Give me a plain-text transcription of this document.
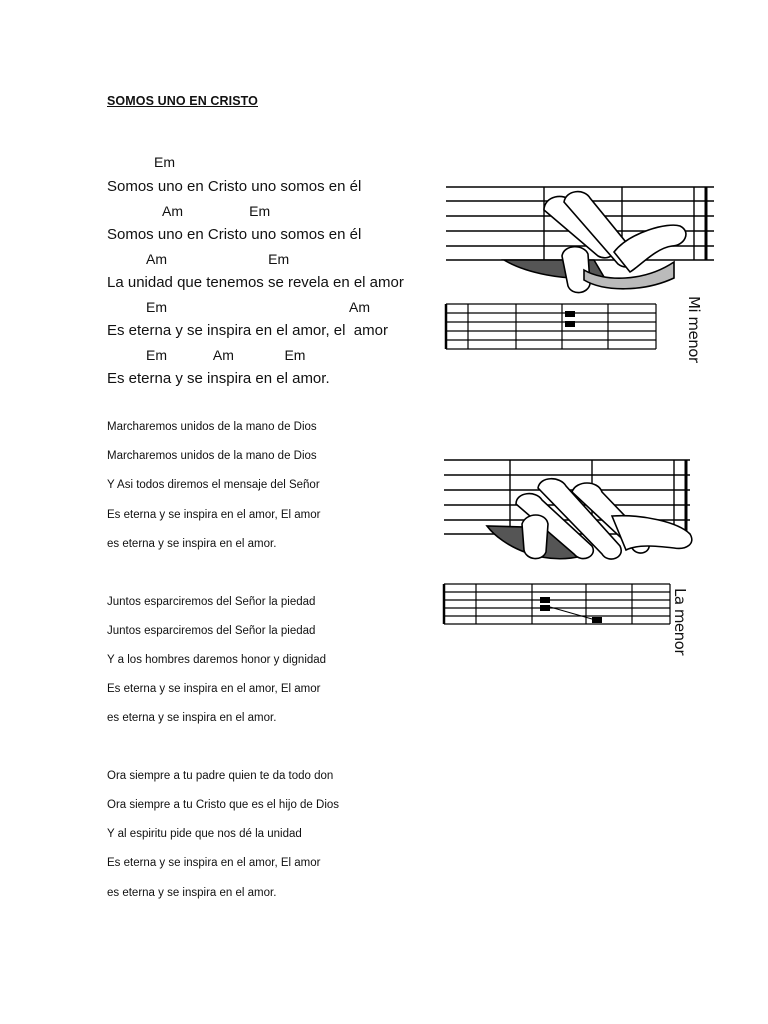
SOMOS UNO EN CRISTO
Em
Somos uno en Cristo uno somos en él
Am                 Em
Somos uno en Cristo uno somos en él
Am                          Em
La unidad que tenemos se revela en el amor
Em                                               Am
Es eterna y se inspira en el amor, el  amor
Em            Am             Em
Es eterna y se inspira en el amor.
Marcharemos unidos de la mano de Dios
Marcharemos unidos de la mano de Dios
Y Asi todos diremos el mensaje del Señor
Es eterna y se inspira en el amor, El amor
es eterna y se inspira en el amor.
Juntos esparciremos del Señor la piedad
Juntos esparciremos del Señor la piedad
Y a los hombres daremos honor y dignidad
Es eterna y se inspira en el amor, El amor
es eterna y se inspira en el amor.
Ora siempre a tu padre quien te da todo don
Ora siempre a tu Cristo que es el hijo de Dios
Y al espiritu pide que nos dé la unidad
Es eterna y se inspira en el amor, El amor
es eterna y se inspira en el amor.
Mi menor
La menor
